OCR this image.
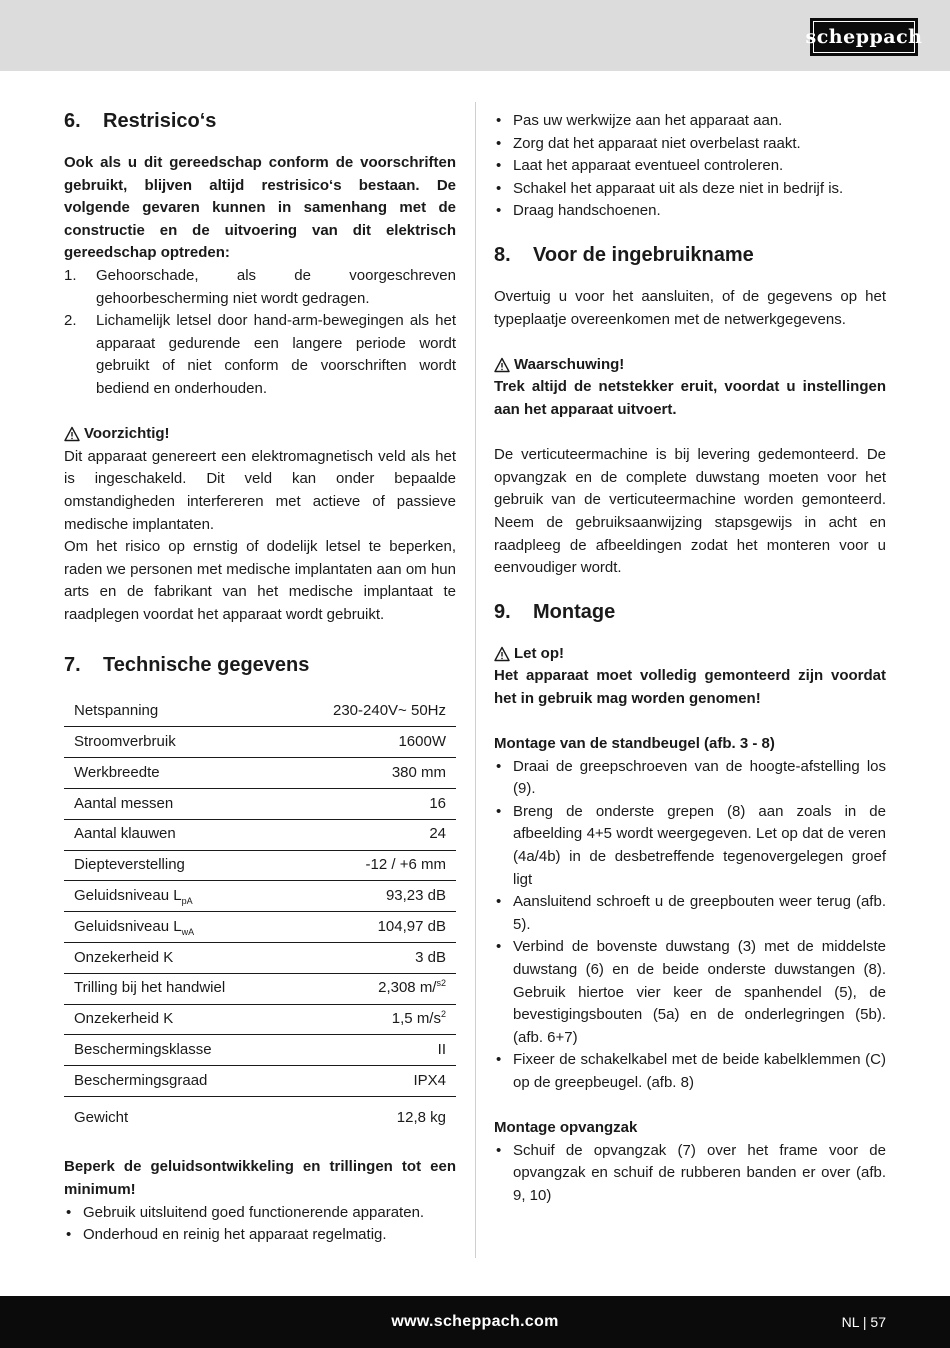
scheppach
6.	Restrisico‘s

Ook als u dit gereedschap conform de voorschriften gebruikt, blijven altijd restrisico‘s bestaan. De volgende gevaren kunnen in samenhang met de constructie en de uitvoering van dit elektrisch gereedschap optreden:

1. Gehoorschade, als de voorgeschreven gehoorbescherming niet wordt gedragen.
2. Lichamelijk letsel door hand-arm-bewegingen als het apparaat gedurende een langere periode wordt gebruikt of niet conform de voorschriften wordt bediend en onderhouden.
Voorzichtig!

Dit apparaat genereert een elektromagnetisch veld als het is ingeschakeld. Dit veld kan onder bepaalde omstandigheden interfereren met actieve of passieve medische implantaten.

Om het risico op ernstig of dodelijk letsel te beperken, raden we personen met medische implantaten aan om hun arts en de fabrikant van het medische implantaat te raadplegen voordat het apparaat wordt gebruikt.

7.	Technische gegevens
Netspanning	230-240V~ 50Hz
Stroomverbruik	1600W
Werkbreedte	380 mm
Aantal messen	16
Aantal klauwen	24
Diepteverstelling	-12 / +6 mm
Geluidsniveau $L_{pA}$	93,23 dB
Geluidsniveau $L_{wA}$	104,97 dB
Onzekerheid K	3 dB
Trilling bij het handwiel	2,308 m/$^{s2}$
Onzekerheid K	1,5 $m/s^2$
Beschermingsklasse	II
Beschermingsgraad	IPX4
Gewicht	12,8 kg

Beperk de geluidsontwikkeling en trillingen tot een minimum!

• Gebruik uitsluitend goed functionerende apparaten.
• Onderhoud en reinig het apparaat regelmatig.
• Pas uw werkwijze aan het apparaat aan.
• Zorg dat het apparaat niet overbelast raakt.
• Laat het apparaat eventueel controleren.
• Schakel het apparaat uit als deze niet in bedrijf is.
• Draag handschoenen.
8.	Voor de ingebruikname

Overtuig u voor het aansluiten, of de gegevens op het typeplaatje overeenkomen met de netwerkgegevens.

Waarschuwing!

Trek altijd de netstekker eruit, voordat u instellingen aan het apparaat uitvoert.

De verticuteermachine is bij levering gedemonteerd. De opvangzak en de complete duwstang moeten voor het gebruik van de verticuteermachine worden gemonteerd. Neem de gebruiksaanwijzing stapsgewijs in acht en raadpleeg de afbeeldingen zodat het monteren voor u eenvoudiger wordt.

9.	Montage
Let op!

Het apparaat moet volledig gemonteerd zijn voordat het in gebruik mag worden genomen!

Montage van de standbeugel (afb. 3 - 8)

• Draai de greepschroeven van de hoogte-afstelling los (9).
• Breng de onderste grepen (8) aan zoals in de afbeelding 4+5 wordt weergegeven. Let op dat de veren (4a/4b) in de desbetreffende tegenovergelegen groef ligt
• Aansluitend schroeft u de greepbouten weer terug (afb. 5).
• Verbind de bovenste duwstang (3) met de middelste duwstang (6) en de beide onderste duwstangen (8). Gebruik hiertoe vier keer de spanhendel (5), de bevestigingsbouten (5a) en de onderlegringen (5b). (afb. 6+7)
• Fixeer de schakelkabel met de beide kabelklemmen (C) op de greepbeugel. (afb. 8)

Montage opvangzak

• Schuif de opvangzak (7) over het frame voor de opvangzak en schuif de rubberen banden er over (afb. 9, 10)
www.scheppach.com	NL | 57
